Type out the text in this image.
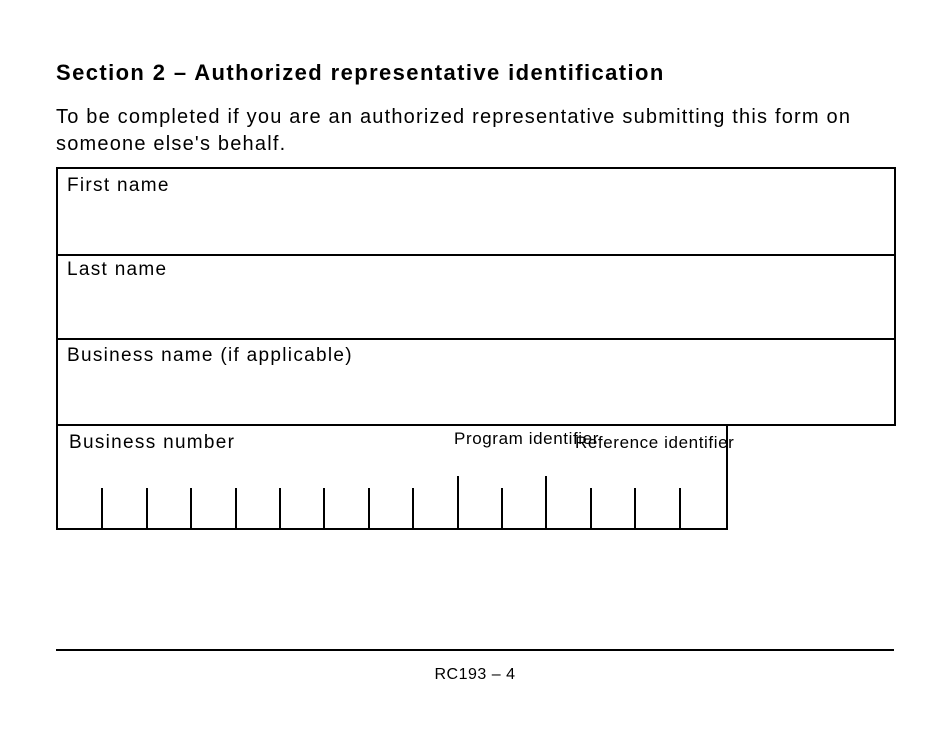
Section 2 – Authorized representative identification

To be completed if you are an authorized representative submitting this form on someone else's behalf.

First name
Last name
Business name (if applicable)
Business number	Program identifier
Reference identifier
RC193 – 4
